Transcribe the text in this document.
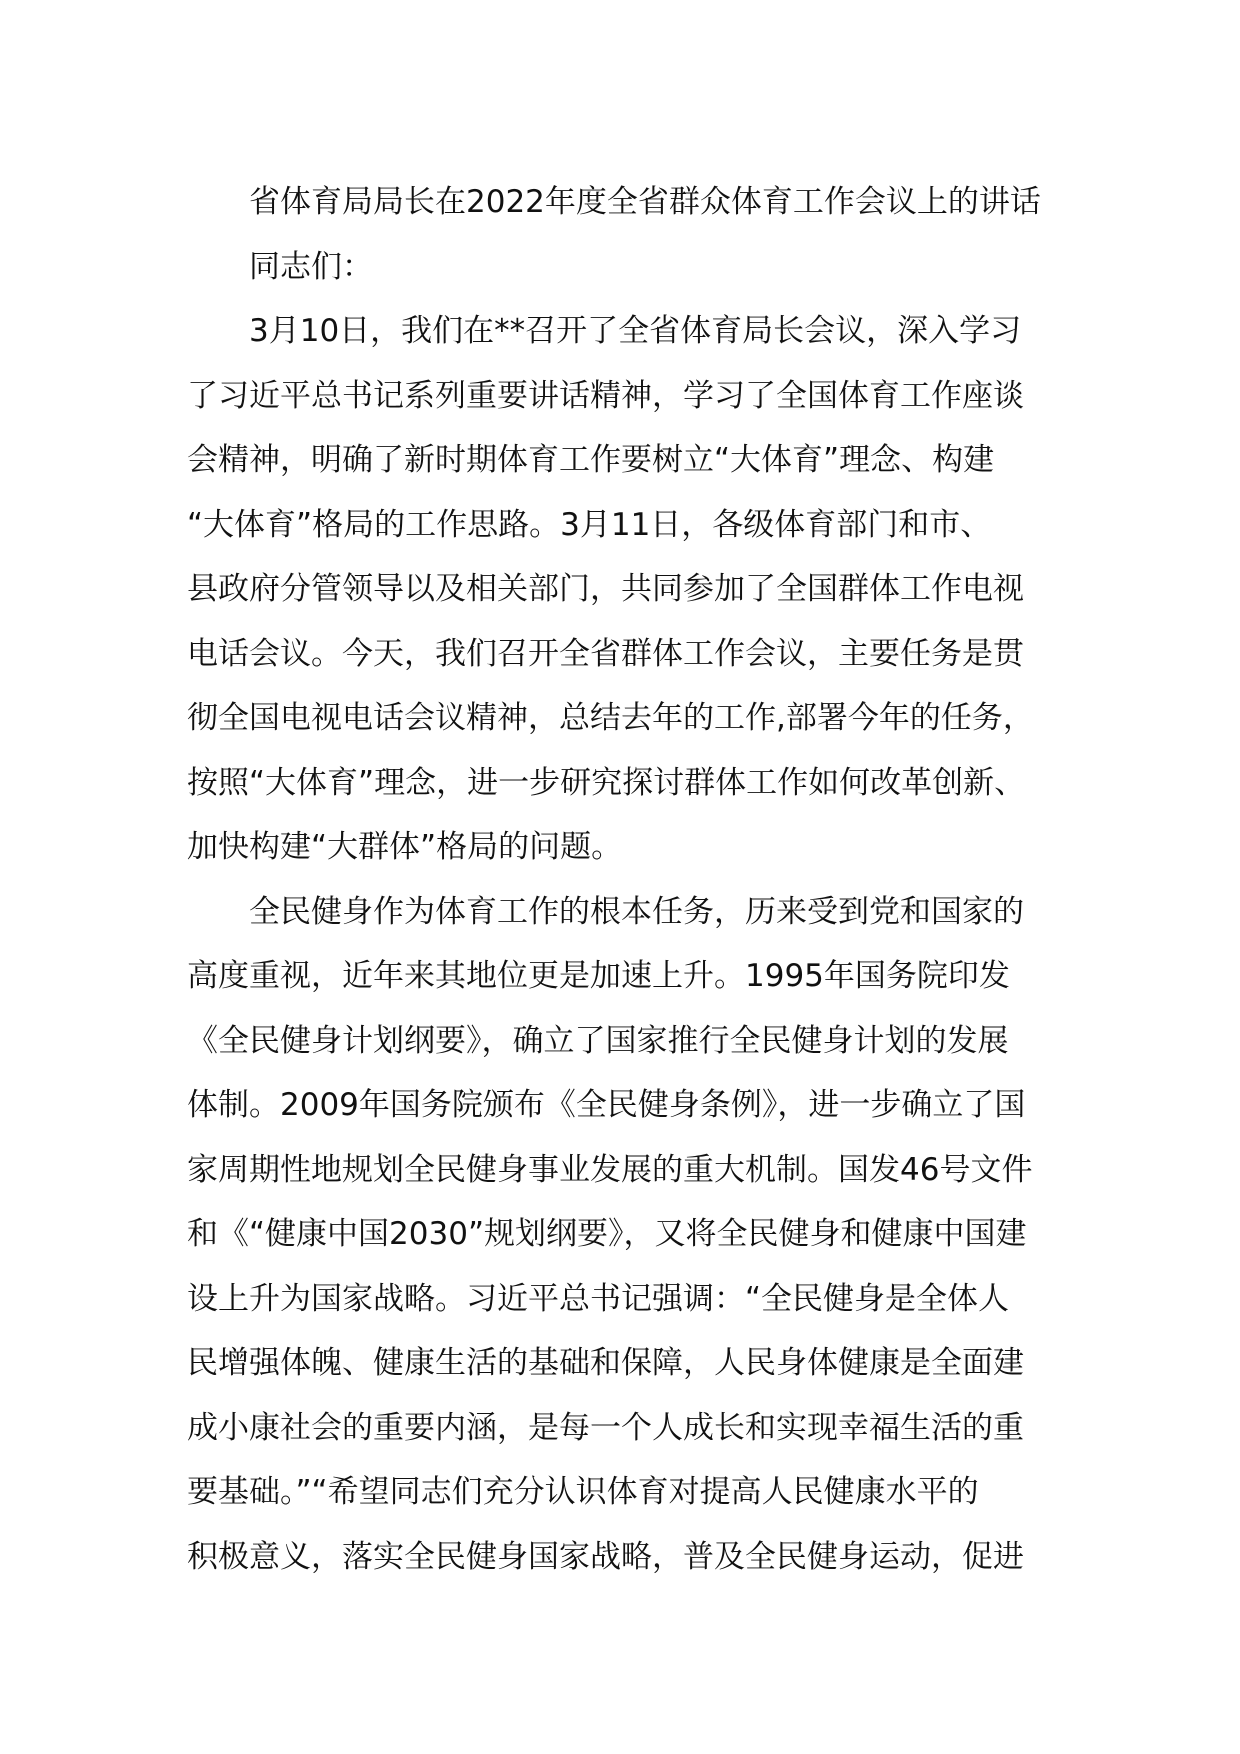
省体育局局长在2022年度全省群众体育工作会议上的讲话

同志们：

3月10日，我们在**召开了全省体育局长会议，深入学习
了习近平总书记系列重要讲话精神，学习了全国体育工作座谈
会精神，明确了新时期体育工作要树立“大体育”理念、构建
“大体育”格局的工作思路。3月11日，各级体育部门和市、
县政府分管领导以及相关部门，共同参加了全国群体工作电视
电话会议。今天，我们召开全省群体工作会议，主要任务是贯
彻全国电视电话会议精神，总结去年的工作,部署今年的任务，
按照“大体育”理念，进一步研究探讨群体工作如何改革创新、
加快构建“大群体”格局的问题。

全民健身作为体育工作的根本任务，历来受到党和国家的
高度重视，近年来其地位更是加速上升。1995年国务院印发
《全民健身计划纲要》，确立了国家推行全民健身计划的发展
体制。2009年国务院颁布《全民健身条例》，进一步确立了国
家周期性地规划全民健身事业发展的重大机制。国发46号文件
和《“健康中国2030”规划纲要》，又将全民健身和健康中国建
设上升为国家战略。习近平总书记强调：“全民健身是全体人
民增强体魄、健康生活的基础和保障，人民身体健康是全面建
成小康社会的重要内涵，是每一个人成长和实现幸福生活的重
要基础。”“希望同志们充分认识体育对提高人民健康水平的
积极意义，落实全民健身国家战略，普及全民健身运动，促进
